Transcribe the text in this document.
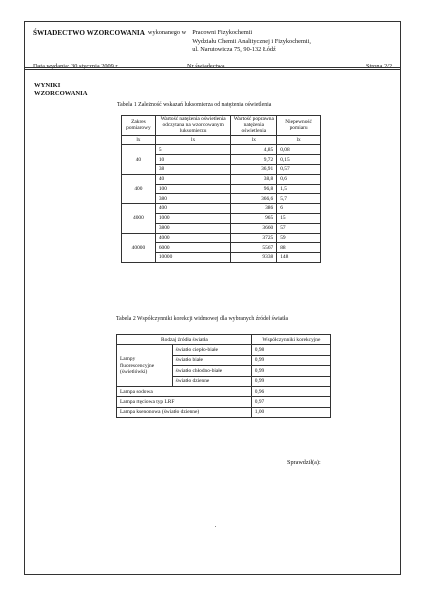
ŚWIADECTWO WZORCOWANIA wykonanego w Pracowni Fizykochemii
Wydziału Chemii Analitycznej i Fizykochemii,
ul. Narutowicza 75, 90-132 Łódź
Data wydania: 30 stycznia 2009 r.	Nr świadectwa	Strona 2/2
WYNIKI
WZORCOWANIA
Tabela 1 Zależność wskazań luksomierza od natężenia oświetlenia
Zakres pomiarowy	Wartość natężenia oświetlenia odczytana na wzorcowanym luksomierzu	Wartość poprawna natężenia oświetlenia	Niepewność pomiaru
lx	lx	lx	lx
40	5	4,85	0,08
	10	9,72	0,15
	38	36,91	0,57
400	40	38,8	0,6
	100	96,8	1,5
	380	366,6	5,7
4000	400	386	6
	1000	965	15
	3800	3660	57
40000	4000	3725	59
	6000	5567	88
	10000	9338	148
Tabela 2 Współczynniki korekcji widmowej dla wybranych źródeł światła
Rodzaj źródła światła		Współczynniki korekcyjne
Lampy fluorescencyjne (świetlówki)	światło ciepło-białe	0,98
	światło białe	0,99
	światło chłodno-białe	0,99
	światło dzienne	0,99
Lampa sodowa		0,96
Lampa rtęciowa typ LRF		0,97
Lampa ksenonowa (światło dzienne)		1,00
Sprawdził(a):
